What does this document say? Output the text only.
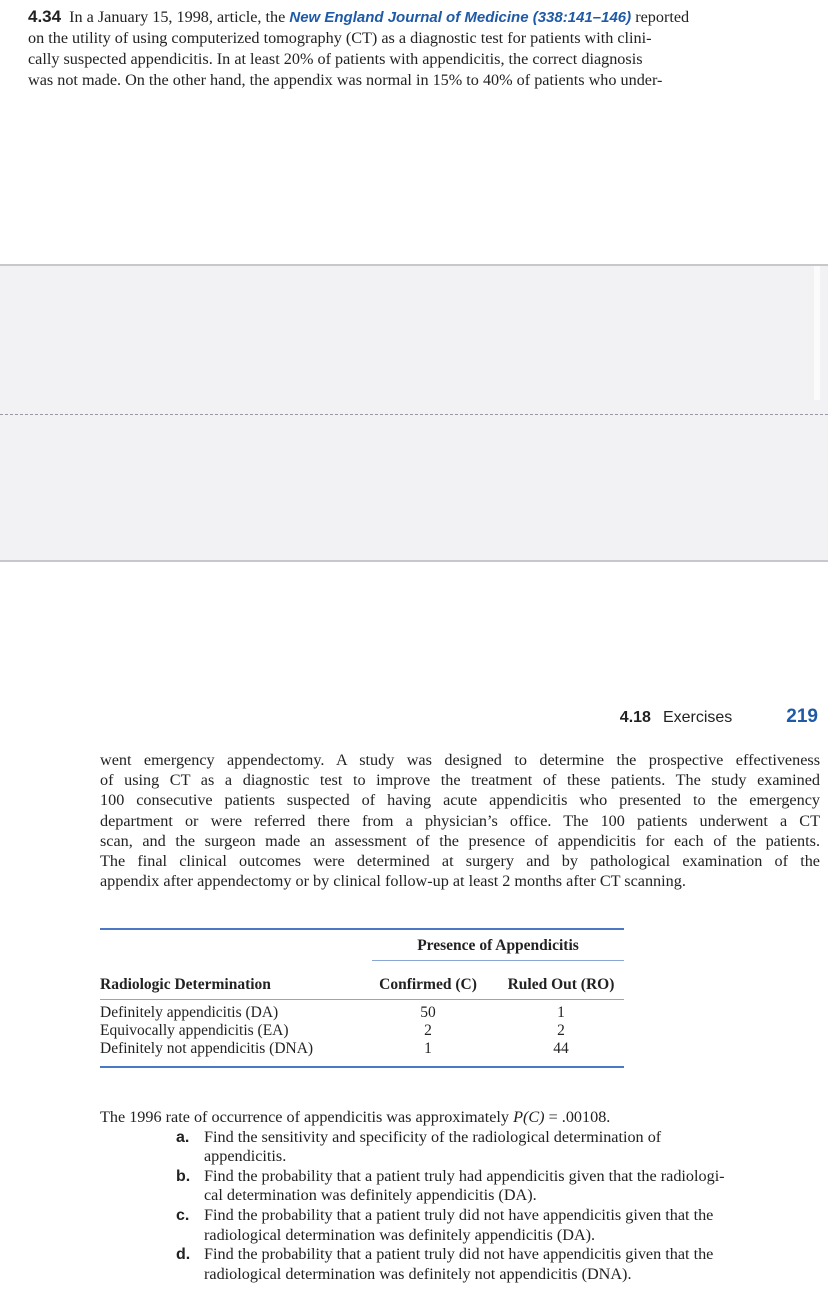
4.34 In a January 15, 1998, article, the New England Journal of Medicine (338:141–146) reported
on the utility of using computerized tomography (CT) as a diagnostic test for patients with clini-
cally suspected appendicitis. In at least 20% of patients with appendicitis, the correct diagnosis
was not made. On the other hand, the appendix was normal in 15% to 40% of patients who under-
4.18 Exercises	219
went emergency appendectomy. A study was designed to determine the prospective effectiveness
of using CT as a diagnostic test to improve the treatment of these patients. The study examined
100 consecutive patients suspected of having acute appendicitis who presented to the emergency
department or were referred there from a physician’s office. The 100 patients underwent a CT
scan, and the surgeon made an assessment of the presence of appendicitis for each of the patients.
The final clinical outcomes were determined at surgery and by pathological examination of the
appendix after appendectomy or by clinical follow-up at least 2 months after CT scanning.
Presence of Appendicitis
Radiologic Determination	Confirmed (C)	Ruled Out (RO)
Definitely appendicitis (DA)	50	1
Equivocally appendicitis (EA)	2	2
Definitely not appendicitis (DNA)	1	44
The 1996 rate of occurrence of appendicitis was approximately P(C) = .00108.
a. Find the sensitivity and specificity of the radiological determination of
appendicitis.
b. Find the probability that a patient truly had appendicitis given that the radiologi-
cal determination was definitely appendicitis (DA).
c. Find the probability that a patient truly did not have appendicitis given that the
radiological determination was definitely appendicitis (DA).
d. Find the probability that a patient truly did not have appendicitis given that the
radiological determination was definitely not appendicitis (DNA).
